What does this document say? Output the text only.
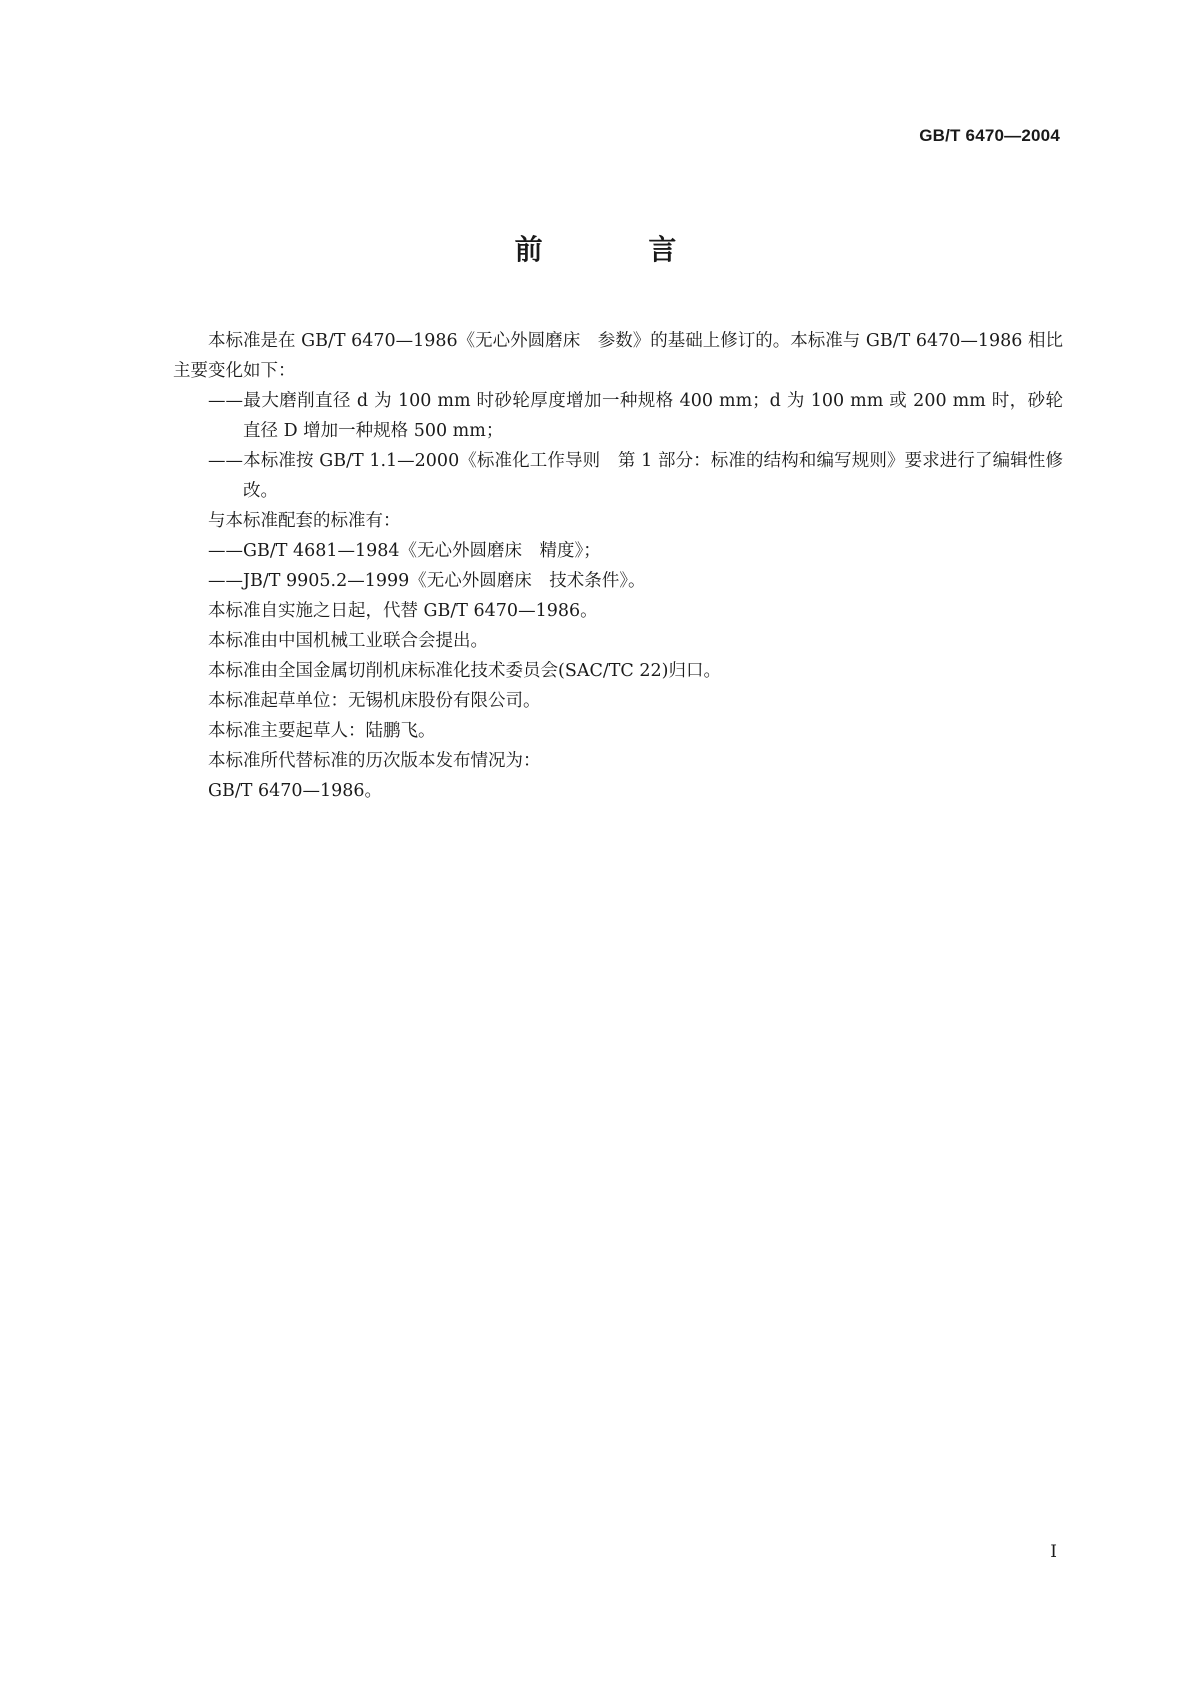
GB/T 6470—2004
前 言

本标准是在 GB/T 6470—1986《无心外圆磨床　参数》的基础上修订的。本标准与 GB/T 6470—1986 相比主要变化如下：

——最大磨削直径 d 为 100 mm 时砂轮厚度增加一种规格 400 mm；d 为 100 mm 或 200 mm 时，砂轮直径 D 增加一种规格 500 mm；

——本标准按 GB/T 1.1—2000《标准化工作导则　第 1 部分：标准的结构和编写规则》要求进行了编辑性修改。

与本标准配套的标准有：

——GB/T 4681—1984《无心外圆磨床　精度》；

——JB/T 9905.2—1999《无心外圆磨床　技术条件》。

本标准自实施之日起，代替 GB/T 6470—1986。

本标准由中国机械工业联合会提出。

本标准由全国金属切削机床标准化技术委员会(SAC/TC 22)归口。

本标准起草单位：无锡机床股份有限公司。

本标准主要起草人：陆鹏飞。

本标准所代替标准的历次版本发布情况为：

GB/T 6470—1986。

I
